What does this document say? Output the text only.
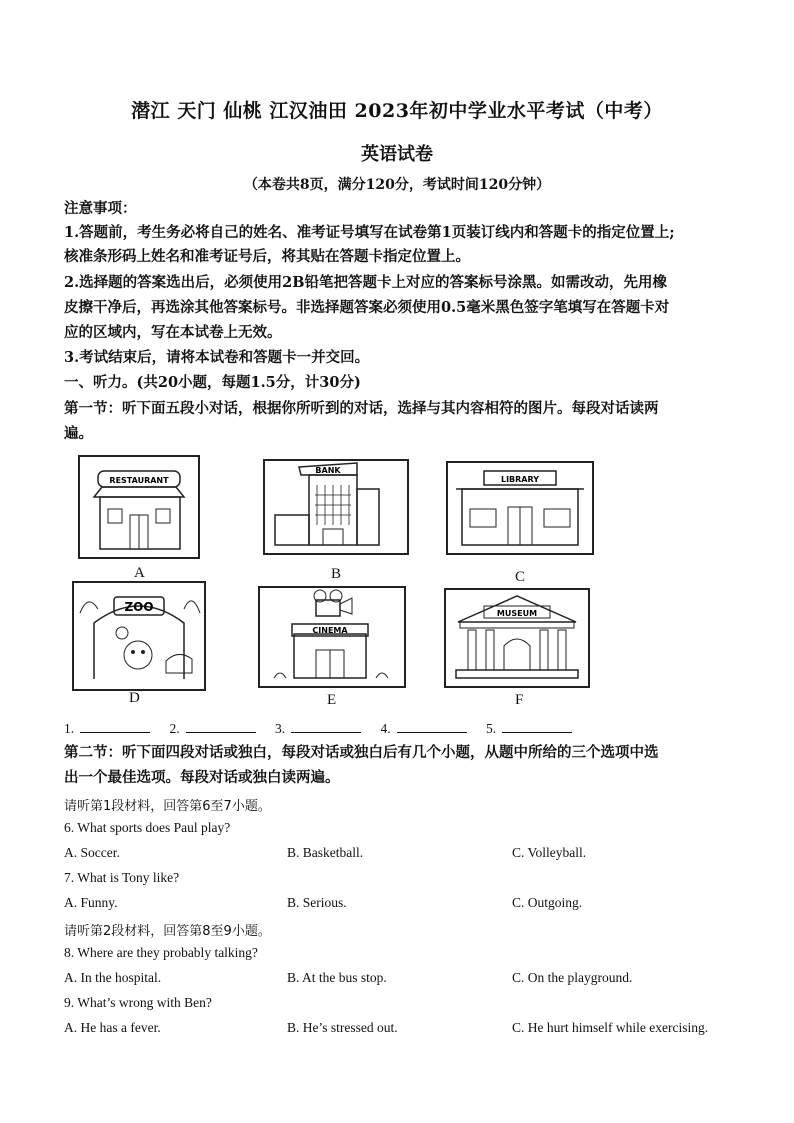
潜江 天门 仙桃 江汉油田 2023年初中学业水平考试（中考）
英语试卷
（本卷共8页，满分120分，考试时间120分钟）
注意事项：
1.答题前，考生务必将自己的姓名、准考证号填写在试卷第1页装订线内和答题卡的指定位置上;
核准条形码上姓名和准考证号后，将其贴在答题卡指定位置上。
2.选择题的答案选出后，必须使用2B铅笔把答题卡上对应的答案标号涂黑。如需改动，先用橡
皮擦干净后，再选涂其他答案标号。非选择题答案必须使用0.5毫米黑色签字笔填写在答题卡对
应的区域内，写在本试卷上无效。
3.考试结束后，请将本试卷和答题卡一并交回。
一、听力。(共20小题，每题1.5分，计30分)
第一节：听下面五段小对话，根据你所听到的对话，选择与其内容相符的图片。每段对话读两
遍。
RESTAURANT
A
BANK
B
LIBRARY
C
ZOO
D
CINEMA
E
MUSEUM
F
1.	2.	3.	4.	5.
第二节：听下面四段对话或独白，每段对话或独白后有几个小题，从题中所给的三个选项中选
出一个最佳选项。每段对话或独白读两遍。
请听第1段材料，回答第6至7小题。
6. What sports does Paul play?
A. Soccer.	B. Basketball.	C. Volleyball.
7. What is Tony like?
A. Funny.	B. Serious.	C. Outgoing.
请听第2段材料，回答第8至9小题。
8. Where are they probably talking?
A. In the hospital.	B. At the bus stop.	C. On the playground.
9. What’s wrong with Ben?
A. He has a fever.	B. He’s stressed out.	C. He hurt himself while exercising.
